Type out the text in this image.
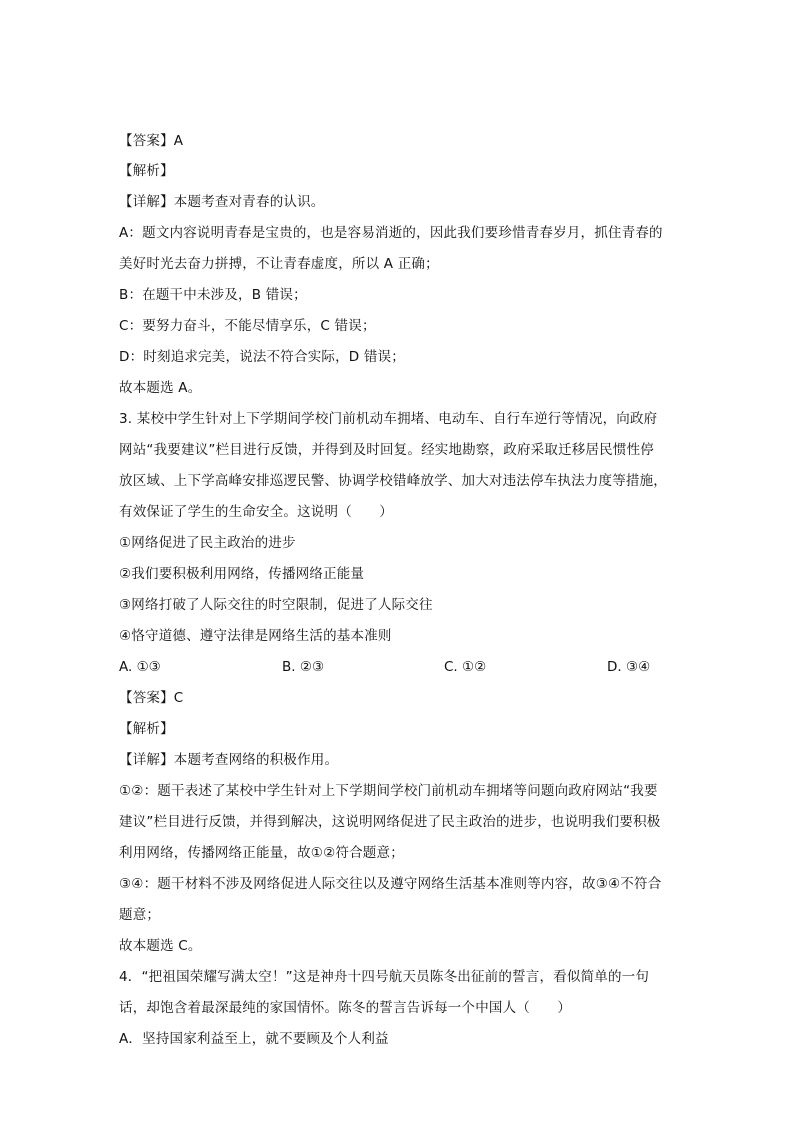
【答案】A
【解析】
【详解】本题考查对青春的认识。
A：题文内容说明青春是宝贵的，也是容易消逝的，因此我们要珍惜青春岁月，抓住青春的
美好时光去奋力拼搏，不让青春虚度，所以 A 正确；
B：在题干中未涉及，B 错误；
C：要努力奋斗，不能尽情享乐，C 错误；
D：时刻追求完美，说法不符合实际，D 错误；
故本题选 A。
3. 某校中学生针对上下学期间学校门前机动车拥堵、电动车、自行车逆行等情况，向政府
网站“我要建议”栏目进行反馈，并得到及时回复。经实地勘察，政府采取迁移居民惯性停
放区域、上下学高峰安排巡逻民警、协调学校错峰放学、加大对违法停车执法力度等措施，
有效保证了学生的生命安全。这说明（　　）
①网络促进了民主政治的进步
②我们要积极利用网络，传播网络正能量
③网络打破了人际交往的时空限制，促进了人际交往
④恪守道德、遵守法律是网络生活的基本准则
A. ①③	B. ②③	C. ①②	D. ③④
【答案】C
【解析】
【详解】本题考查网络的积极作用。
①②：题干表述了某校中学生针对上下学期间学校门前机动车拥堵等问题向政府网站“我要
建议”栏目进行反馈，并得到解决，这说明网络促进了民主政治的进步，也说明我们要积极
利用网络，传播网络正能量，故①②符合题意；
③④：题干材料不涉及网络促进人际交往以及遵守网络生活基本准则等内容，故③④不符合
题意；
故本题选 C。
4．“把祖国荣耀写满太空！”这是神舟十四号航天员陈冬出征前的誓言，看似简单的一句
话，却饱含着最深最纯的家国情怀。陈冬的誓言告诉每一个中国人（　　）
A．坚持国家利益至上，就不要顾及个人利益
